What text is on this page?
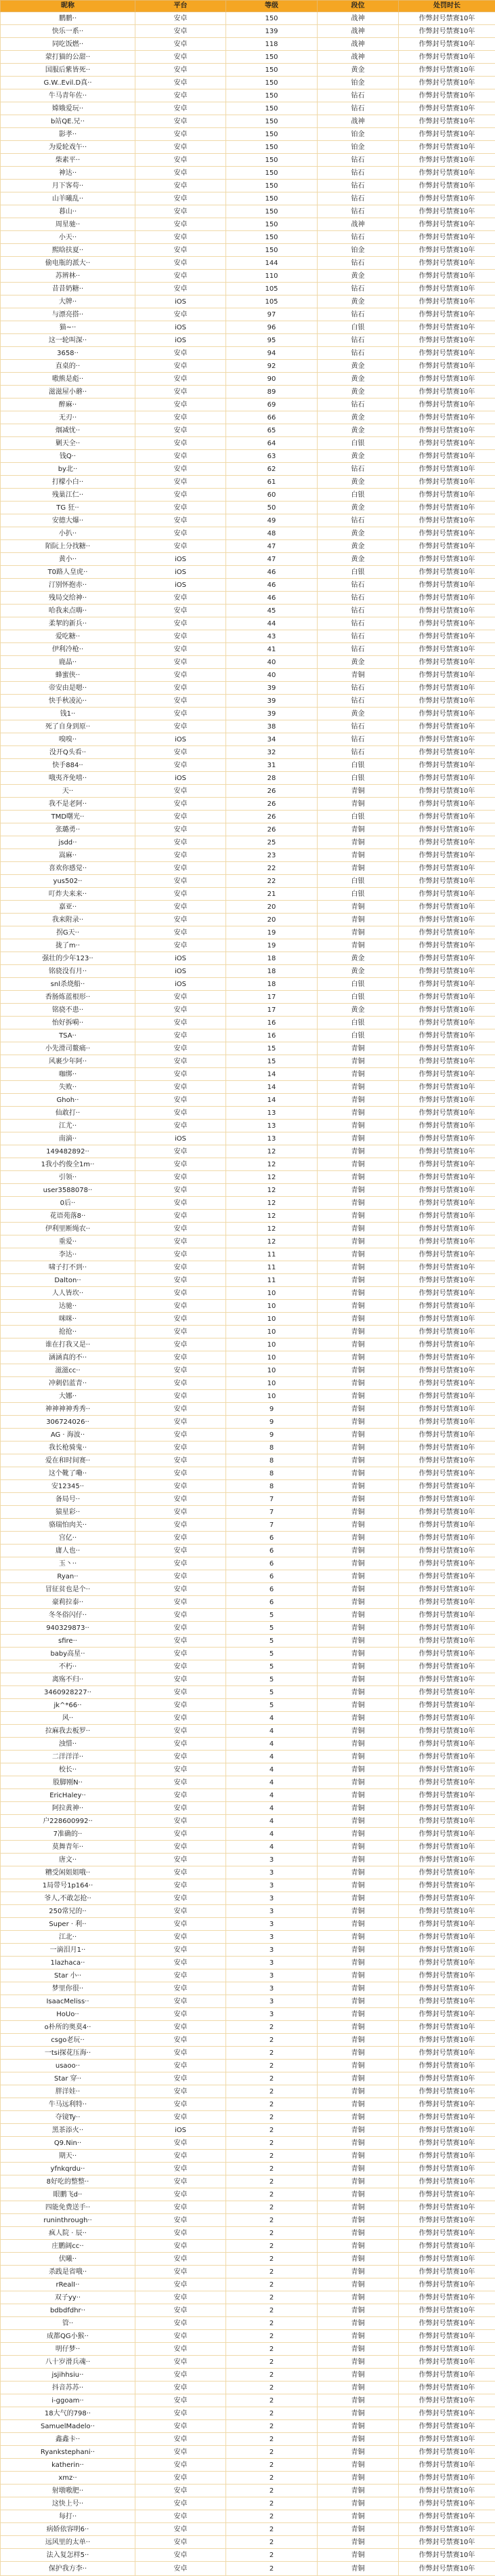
昵称	平台	等级	段位	处罚时长
鹏鹏··	安卓	150	战神	作弊封号禁赛10年
快乐一系··	安卓	139	战神	作弊封号禁赛10年
同吃饭燃··	安卓	118	战神	作弊封号禁赛10年
蒙打猫的公甜··	安卓	150	战神	作弊封号禁赛10年
国服后紫皆死··	安卓	150	黄金	作弊封号禁赛10年
G.W..Evil.D真··	安卓	150	铂金	作弊封号禁赛10年
牛马青年佐··	安卓	150	钻石	作弊封号禁赛10年
嫦娥爱玩··	安卓	150	钻石	作弊封号禁赛10年
b站QE.兄··	安卓	150	战神	作弊封号禁赛10年
影孝··	安卓	150	铂金	作弊封号禁赛10年
为爱轮戏午··	安卓	150	铂金	作弊封号禁赛10年
柴素平··	安卓	150	钻石	作弊封号禁赛10年
神达··	安卓	150	钻石	作弊封号禁赛10年
月下客苟··	安卓	150	钻石	作弊封号禁赛10年
山羊曦乱··	安卓	150	钻石	作弊封号禁赛10年
暮山··	安卓	150	钻石	作弊封号禁赛10年
周星驰··	安卓	150	战神	作弊封号禁赛10年
小天··	安卓	150	钻石	作弊封号禁赛10年
熙晗扶夏··	安卓	150	铂金	作弊封号禁赛10年
偷电瓶的派大··	安卓	144	钻石	作弊封号禁赛10年
苏辨林··	安卓	110	黄金	作弊封号禁赛10年
昔昔奶糖··	安卓	105	钻石	作弊封号禁赛10年
大牌··	iOS	105	黄金	作弊封号禁赛10年
与漂亮搭··	安卓	97	钻石	作弊封号禁赛10年
猫~··	iOS	96	白银	作弊封号禁赛10年
这一轮叫深··	iOS	95	钻石	作弊封号禁赛10年
3658··	安卓	94	钻石	作弊封号禁赛10年
直桌的··	安卓	92	黄金	作弊封号禁赛10年
嗷熊是彪··	安卓	90	黄金	作弊封号禁赛10年
滋滋屋小蘑··	安卓	89	黄金	作弊封号禁赛10年
醉麻··	安卓	69	钻石	作弊封号禁赛10年
无刃··	安卓	66	黄金	作弊封号禁赛10年
烟减忧··	安卓	65	黄金	作弊封号禁赛10年
剿天全··	安卓	64	白银	作弊封号禁赛10年
钱Q··	安卓	63	黄金	作弊封号禁赛10年
by北··	安卓	62	钻石	作弊封号禁赛10年
打檬小白··	安卓	61	黄金	作弊封号禁赛10年
残巢江仁··	安卓	60	白银	作弊封号禁赛10年
TG 狂··	安卓	50	黄金	作弊封号禁赛10年
安德大爆··	安卓	49	钻石	作弊封号禁赛10年
小扒··	安卓	48	黄金	作弊封号禁赛10年
陌阮上分找糖··	安卓	47	黄金	作弊封号禁赛10年
黄小··	iOS	47	黄金	作弊封号禁赛10年
T0路人皇虎··	iOS	46	白银	作弊封号禁赛10年
汀别怀抱赤··	iOS	46	钻石	作弊封号禁赛10年
残局交给神··	安卓	46	钻石	作弊封号禁赛10年
哈我来点嗨··	安卓	45	钻石	作弊封号禁赛10年
柔挈的新兵··	安卓	44	钻石	作弊封号禁赛10年
爱吃糖··	安卓	43	钻石	作弊封号禁赛10年
伊利冷枪··	安卓	41	钻石	作弊封号禁赛10年
鹿晶··	安卓	40	黄金	作弊封号禁赛10年
蜂蜜侠··	安卓	40	青铜	作弊封号禁赛10年
帝安由是嗯··	安卓	39	钻石	作弊封号禁赛10年
快手秋凌沁··	安卓	39	钻石	作弊封号禁赛10年
钱1··	安卓	39	黄金	作弊封号禁赛10年
死了自身到原··	安卓	38	钻石	作弊封号禁赛10年
嗅嗅··	iOS	34	钻石	作弊封号禁赛10年
没开Q头看··	安卓	32	钻石	作弊封号禁赛10年
快手884··	安卓	31	白银	作弊封号禁赛10年
哦夷齐免嘻··	iOS	28	白银	作弊封号禁赛10年
天··	安卓	26	青铜	作弊封号禁赛10年
我不是老阿··	安卓	26	青铜	作弊封号禁赛10年
TMD曙光··	安卓	26	白银	作弊封号禁赛10年
张璐勇··	安卓	26	青铜	作弊封号禁赛10年
jsdd··	安卓	25	青铜	作弊封号禁赛10年
嵩麻··	安卓	23	青铜	作弊封号禁赛10年
喜欢你感觉··	安卓	22	青铜	作弊封号禁赛10年
yus502··	安卓	22	白银	作弊封号禁赛10年
叮炸夫来来··	安卓	21	白银	作弊封号禁赛10年
嘉亚··	安卓	20	青铜	作弊封号禁赛10年
我来附录··	安卓	20	青铜	作弊封号禁赛10年
拐G天··	安卓	19	青铜	作弊封号禁赛10年
拢了m··	安卓	19	青铜	作弊封号禁赛10年
强壮的少年123··	iOS	18	黄金	作弊封号禁赛10年
铭骁没有月··	iOS	18	黄金	作弊封号禁赛10年
snl杀烧船··	iOS	18	白银	作弊封号禁赛10年
香肠炼蓝根形··	安卓	17	白银	作弊封号禁赛10年
铭骁不患··	安卓	17	黄金	作弊封号禁赛10年
怡好拆嗬··	安卓	16	白银	作弊封号禁赛10年
TSA··	安卓	16	白银	作弊封号禁赛10年
小先滑司鳌痛··	安卓	15	青铜	作弊封号禁赛10年
风裹少年阿··	安卓	15	青铜	作弊封号禁赛10年
咖绑··	安卓	14	青铜	作弊封号禁赛10年
失败··	安卓	14	青铜	作弊封号禁赛10年
Ghoh··	安卓	14	青铜	作弊封号禁赛10年
仙敢打··	安卓	13	青铜	作弊封号禁赛10年
江尤··	安卓	13	青铜	作弊封号禁赛10年
南滴··	iOS	13	青铜	作弊封号禁赛10年
149482892··	安卓	12	青铜	作弊封号禁赛10年
1我小约俊全1m··	安卓	12	青铜	作弊封号禁赛10年
引领··	安卓	12	青铜	作弊封号禁赛10年
user3588078··	安卓	12	青铜	作弊封号禁赛10年
0后··	安卓	12	青铜	作弊封号禁赛10年
花语苑落8··	安卓	12	青铜	作弊封号禁赛10年
伊利里断绳农··	安卓	12	青铜	作弊封号禁赛10年
重爱··	安卓	12	青铜	作弊封号禁赛10年
李达··	安卓	11	青铜	作弊封号禁赛10年
啸子打不到··	安卓	11	青铜	作弊封号禁赛10年
Dalton··	安卓	11	青铜	作弊封号禁赛10年
人人皆坎··	安卓	10	青铜	作弊封号禁赛10年
达驰··	安卓	10	青铜	作弊封号禁赛10年
咪咪··	安卓	10	青铜	作弊封号禁赛10年
抢抢··	安卓	10	青铜	作弊封号禁赛10年
谁在打我又是··	安卓	10	青铜	作弊封号禁赛10年
涵涵真的不··	安卓	10	青铜	作弊封号禁赛10年
滋滋cc··	安卓	10	青铜	作弊封号禁赛10年
冲刺侣蓝青··	安卓	10	青铜	作弊封号禁赛10年
大娜··	安卓	10	青铜	作弊封号禁赛10年
神神神神秀秀··	安卓	9	青铜	作弊封号禁赛10年
306724026··	安卓	9	青铜	作弊封号禁赛10年
AG · 海波··	安卓	9	青铜	作弊封号禁赛10年
我长枪骑鬼··	安卓	8	青铜	作弊封号禁赛10年
爱在和时间赛··	安卓	8	青铜	作弊封号禁赛10年
这个靴了嘞··	安卓	8	青铜	作弊封号禁赛10年
安12345··	安卓	8	青铜	作弊封号禁赛10年
备局号··	安卓	7	青铜	作弊封号禁赛10年
猿星彩··	安卓	7	青铜	作弊封号禁赛10年
骆瑞怕肉关··	安卓	7	青铜	作弊封号禁赛10年
宫亿··	安卓	6	青铜	作弊封号禁赛10年
庸人也··	安卓	6	青铜	作弊封号禁赛10年
玉丶··	安卓	6	青铜	作弊封号禁赛10年
Ryan··	安卓	6	青铜	作弊封号禁赛10年
冒征贫也是个··	安卓	6	青铜	作弊封号禁赛10年
豪莉拉泰··	安卓	6	青铜	作弊封号禁赛10年
冬冬俗闪仔··	安卓	5	青铜	作弊封号禁赛10年
940329873··	安卓	5	青铜	作弊封号禁赛10年
sfire··	安卓	5	青铜	作弊封号禁赛10年
baby高星··	安卓	5	青铜	作弊封号禁赛10年
不朽··	安卓	5	青铜	作弊封号禁赛10年
离殇不归··	安卓	5	青铜	作弊封号禁赛10年
3460928227··	安卓	5	青铜	作弊封号禁赛10年
jk^*66··	安卓	5	青铜	作弊封号禁赛10年
风··	安卓	4	青铜	作弊封号禁赛10年
拉麻我去板罗··	安卓	4	青铜	作弊封号禁赛10年
浊惜··	安卓	4	青铜	作弊封号禁赛10年
二洋洋洋··	安卓	4	青铜	作弊封号禁赛10年
校长··	安卓	4	青铜	作弊封号禁赛10年
股脚刚N··	安卓	4	青铜	作弊封号禁赛10年
EricHaley··	安卓	4	青铜	作弊封号禁赛10年
阿拉黄神··	安卓	4	青铜	作弊封号禁赛10年
户228600992··	安卓	4	青铜	作弊封号禁赛10年
7准确的··	安卓	4	青铜	作弊封号禁赛10年
莫舞青年··	安卓	4	青铜	作弊封号禁赛10年
唐文··	安卓	3	青铜	作弊封号禁赛10年
糟受闲姐姐哦··	安卓	3	青铜	作弊封号禁赛10年
1局带号1p164··	安卓	3	青铜	作弊封号禁赛10年
爷人,不敢怎抢··	安卓	3	青铜	作弊封号禁赛10年
250常兄的··	安卓	3	青铜	作弊封号禁赛10年
Super · 利··	安卓	3	青铜	作弊封号禁赛10年
江北··	安卓	3	青铜	作弊封号禁赛10年
一滴泪月1··	安卓	3	青铜	作弊封号禁赛10年
1lazhaca··	安卓	3	青铜	作弊封号禁赛10年
Star 小··	安卓	3	青铜	作弊封号禁赛10年
梦里你很··	安卓	3	青铜	作弊封号禁赛10年
IsaacMeliss··	安卓	3	青铜	作弊封号禁赛10年
HoUo··	安卓	3	青铜	作弊封号禁赛10年
o朴所的奥莫4··	安卓	2	青铜	作弊封号禁赛10年
csgo老玩··	安卓	2	青铜	作弊封号禁赛10年
一tsi探花压海··	安卓	2	青铜	作弊封号禁赛10年
usaoo··	安卓	2	青铜	作弊封号禁赛10年
Star 穿··	安卓	2	青铜	作弊封号禁赛10年
胖洋娃··	安卓	2	青铜	作弊封号禁赛10年
牛马远利特··	安卓	2	青铜	作弊封号禁赛10年
夺镜Ty··	安卓	2	青铜	作弊封号禁赛10年
黑茶添火··	iOS	2	青铜	作弊封号禁赛10年
Q9.Nin··	安卓	2	青铜	作弊封号禁赛10年
期天··	安卓	2	青铜	作弊封号禁赛10年
yfnkqrdu··	安卓	2	青铜	作弊封号禁赛10年
8好吃的整整··	安卓	2	青铜	作弊封号禁赛10年
眼鹏飞d··	安卓	2	青铜	作弊封号禁赛10年
四能免费送手··	安卓	2	青铜	作弊封号禁赛10年
runinthrough··	安卓	2	青铜	作弊封号禁赛10年
疯人院 · 辰··	安卓	2	青铜	作弊封号禁赛10年
庄鹏阔cc··	安卓	2	青铜	作弊封号禁赛10年
伏曦··	安卓	2	青铜	作弊封号禁赛10年
杀践是省哦··	安卓	2	青铜	作弊封号禁赛10年
rRealI··	安卓	2	青铜	作弊封号禁赛10年
双子yy··	安卓	2	青铜	作弊封号禁赛10年
bdbdfdhr··	安卓	2	青铜	作弊封号禁赛10年
管··	安卓	2	青铜	作弊封号禁赛10年
成都QG小猴··	安卓	2	青铜	作弊封号禁赛10年
明仔梦··	安卓	2	青铜	作弊封号禁赛10年
八十岁滑兵魂··	安卓	2	青铜	作弊封号禁赛10年
jsjihhsiu··	安卓	2	青铜	作弊封号禁赛10年
抖音苏苏··	安卓	2	青铜	作弊封号禁赛10年
i-ggoam··	安卓	2	青铜	作弊封号禁赛10年
18大气的798··	安卓	2	青铜	作弊封号禁赛10年
SamuelMadelo··	安卓	2	青铜	作弊封号禁赛10年
鑫鑫卡··	安卓	2	青铜	作弊封号禁赛10年
Ryankstephani··	安卓	2	青铜	作弊封号禁赛10年
katherin··	安卓	2	青铜	作弊封号禁赛10年
xmz··	安卓	2	青铜	作弊封号禁赛10年
射墩嗷肥··	安卓	2	青铜	作弊封号禁赛10年
这快上号··	安卓	2	青铜	作弊封号禁赛10年
每打··	安卓	2	青铜	作弊封号禁赛10年
病娇依容明6··	安卓	2	青铜	作弊封号禁赛10年
远风里的太单··	安卓	2	青铜	作弊封号禁赛10年
法入复怎样5··	安卓	2	青铜	作弊封号禁赛10年
保护我方李··	安卓	2	青铜	作弊封号禁赛10年
